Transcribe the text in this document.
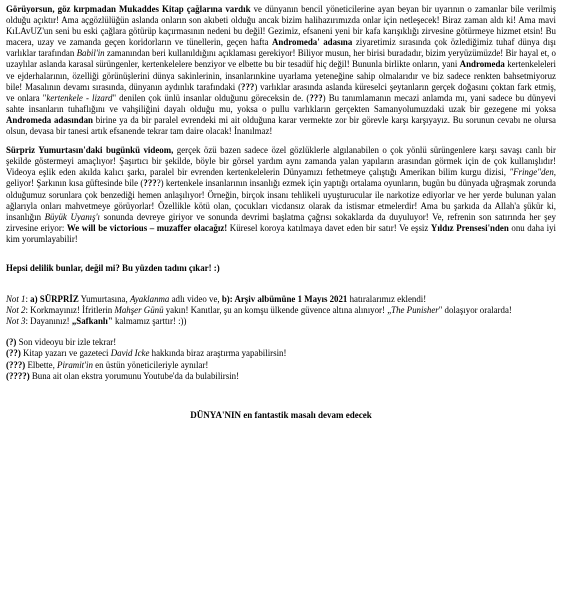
Görüyorsun, göz kırpmadan Mukaddes Kitap çağlarına vardık ve dünyanın bencil yöneticilerine ayan beyan bir uyarının o zamanlar bile verilmiş olduğu açıktır! Ama açgözlülüğün aslanda onların son akıbeti olduğu ancak bizim halihazırımızda onlar için netleşecek! Biraz zaman aldı ki! Ama mavi KıLAvUZ'un seni bu eski çağlara götürüp kaçırmasının nedeni bu değil! Gezimiz, efsaneni yeni bir kafa karışıklığı zirvesine götürmeye hizmet etsin! Bu macera, uzay ve zamanda geçen koridorların ve tünellerin, geçen hafta Andromeda' adasına ziyaretimiz sırasında çok özlediğimiz tuhaf dünya dışı varlıklar tarafından Babil'in zamanından beri kullanıldığını açıklaması gerekiyor! Biliyor musun, her birisi buradadır, bizim yeryüzümüzde! Bir hayal et, o uzaylılar aslanda karasal sürüngenler, kertenkelelere benziyor ve elbette bu bir tesadüf hiç değil! Bununla birlikte onların, yani Andromeda kertenkeleleri ve ejderhalarının, özelliği görünüşlerini dünya sakinlerinin, insanlarınkine uyarlama yeteneğine sahip olmalarıdır ve biz sadece renkten bahsetmiyoruz bile! Masalının devamı sırasında, dünyanın aydınlık tarafındaki (???) varlıklar arasında aslanda küreselci şeytanların gerçek doğasını çoktan fark etmiş, ve onlara "kertenkele - lizard" denilen çok ünlü insanlar olduğunu göreceksin de. (???) Bu tanımlamanın mecazi anlamda mı, yani sadece bu dünyevi sahte insanların tuhaflığını ve vahşiliğini dayalı olduğu mu, yoksa o pullu varlıkların gerçekten Samanyolumuzdaki uzak bir gezegene mi yoksa Andromeda adasından birine ya da bir paralel evrendeki mi ait olduğuna karar vermekte zor bir görevle karşı karşıyayız. Bu sorunun cevabı ne olursa olsun, devasa bir tanesi artık efsanende tekrar tam daire olacak! İnanılmaz!

Sürpriz Yumurtasın'daki bugünkü videom, gerçek özü bazen sadece özel gözlüklerle algılanabilen o çok yönlü sürüngenlere karşı savaşı canlı bir şekilde göstermeyi amaçlıyor! Şaşırtıcı bir şekilde, böyle bir görsel yardım aynı zamanda yalan yapıların arasından görmek için de çok kullanışlıdır! Videoya eşlik eden akılda kalıcı şarkı, paralel bir evrenden kertenkelelerin Dünyamızı fethetmeye çalıştığı Amerikan bilim kurgu dizisi, "Fringe"den, geliyor! Şarkının kısa güftesinde bile (????) kertenkele insanlarının insanlığı ezmek için yaptığı ortalama oyunların, bugün bu dünyada uğraşmak zorunda olduğumuz sorunlara çok benzediği hemen anlaşılıyor! Örneğin, birçok insanı tehlikeli uyuşturucular ile narkotize ediyorlar ve her yerde bulunan yalan ağlarıyla onları mahvetmeye görüyorlar! Özellikle kötü olan, çocukları vicdansız olarak da istismar etmelerdir! Ama bu şarkıda da Allah'a şükür ki, insanlığın Büyük Uyanış'ı sonunda devreye giriyor ve sonunda devrimi başlatma çağrısı sokaklarda da duyuluyor! Ve, refrenin son satırında her şey zirvesine eriyor: We will be victorious – muzaffer olacağız! Küresel koroya katılmaya davet eden bir satır! Ve eşsiz Yıldız Prensesi'nden onu daha iyi kim yorumlayabilir!

Hepsi delilik bunlar, değil mi? Bu yüzden tadını çıkar! :)

Not 1: a) SÜRPRİZ Yumurtasına, Ayaklanma adlı video ve, b): Arşiv albümüne 1 Mayıs 2021 hatıralarımız eklendi!

Not 2: Korkmayınız! İfritlerin Mahşer Günü yakın! Kanıtlar, şu an komşu ülkende güvence altına alınıyor! „The Punisher" dolaşıyor oralarda!

Not 3: Dayanınız! „Safkanlı" kalmamız şarttır! :))

(?) Son videoyu bir izle tekrar!

(??) Kitap yazarı ve gazeteci David Icke hakkında biraz araştırma yapabilirsin!

(???) Elbette, Piramit'in en üstün yöneticileriyle aynılar!

(????) Buna ait olan ekstra yorumunu Youtube'da da bulabilirsin!

DÜNYA'NIN en fantastik masalı devam edecek
